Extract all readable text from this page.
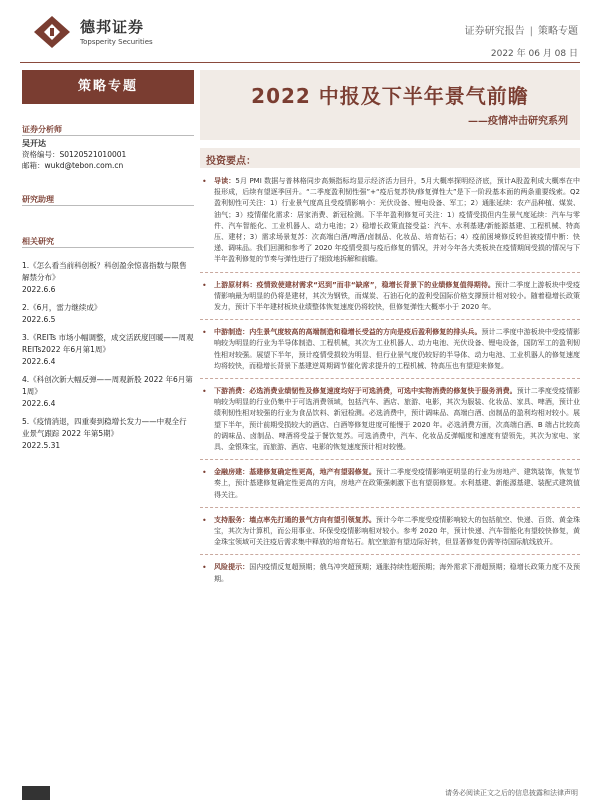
德邦证券
Topsperity Securities
证券研究报告 | 策略专题
2022 年 06 月 08 日
策略专题
证券分析师
吴开达
资格编号：S0120521010001
邮箱：wukd@tebon.com.cn
研究助理
相关研究
1.《怎么看当前科创板？科创盈余惊喜指数与限售解禁分布》
2022.6.6
2.《6月，雷力继续成》
2022.6.5
3.《REITs 市场小幅调整，成交活跃度回暖——周观REITs2022 年6月第1周》
2022.6.4
4.《科创次新大幅反弹——周观新股 2022 年6月第1周》
2022.6.4
5.《疫情消退，四重奏到稳增长发力——中观全行业景气跟踪 2022 年第5期》
2022.5.31
2022 中报及下半年景气前瞻
——疫情冲击研究系列
投资要点：
• 导读：5月 PMI 数据与普林格同步高频指标均显示经济活力回升，5月大概率探明经济底，预计A股盈利成大概率在中报形成，后续有望逐季回升。“二季度盈利韧性强”+“疫后复苏快/修复弹性大”是下一阶段基本面的两条重要线索。Q2盈利韧性可关注：1）行业景气度高且受疫情影响小：光伏设备、锂电设备、军工；2）通胀延续：农产品种植、煤炭、油气；3）疫情催化需求：居家消费、新冠检测。下半年盈利修复可关注：1）疫情受损但内生景气度延续：汽车与零件、汽车智能化、工业机器人、动力电池；2）稳增长政策直接受益：汽车、水利基建/新能源基建、工程机械、特高压、建材；3）需求场景复苏：次高端白酒/啤酒/卤制品、化妆品、培育钻石；4）疫前困境修反转但被疫情中断：快递、调味品。我们回溯和参考了 2020 年疫情受损与疫后修复的情况，并对今年各大类板块在疫情期间受损的情况与下半年盈利修复的节奏与弹性进行了细致地拆解和前瞻。
• 上游原材料：疫情致使建材需求“迟到”而非“缺席”，稳增长背景下的业绩修复值得期待。预计二季度上游板块中受疫情影响最为明显的仍将是建材，其次为钢铁，而煤炭、石油石化的盈利受国际价格支撑预计相对较小。随着稳增长政策发力，预计下半年建材板块业绩整体恢复速度仍将较快，但修复弹性大概率小于 2020 年。
• 中游制造：内生景气度较高的高端制造和稳增长受益的方向是疫后盈利修复的排头兵。预计二季度中游板块中受疫情影响较为明显的行业为半导体制造、工程机械，其次为工业机器人、动力电池、光伏设备、锂电设备，国防军工的盈利韧性相对较强。展望下半年，预计疫情受损较为明显、但行业景气度仍较好的半导体、动力电池、工业机器人的修复速度均将较快，而稳增长背景下基建逆周期调节催化需求提升的工程机械、特高压也有望迎来修复。
• 下游消费：必选消费业绩韧性及修复速度均好于可选消费，可选中实物消费的修复快于服务消费。预计二季度受疫情影响较为明显的行业仍集中于可选消费领域，包括汽车、酒店、旅游、电影，其次为服装、化妆品、家具、啤酒，预计业绩利韧性相对较强的行业为食品饮料、新冠检测。必选消费中，预计调味品、高端白酒、卤制品的盈利均相对较小。展望下半年，预计前期受损较大的酒店、白酒等修复进度可能慢于 2020 年。必选消费方面，次高端白酒、B 端占比较高的调味品、卤制品、啤酒将受益于餐饮复苏。可选消费中，汽车、化妆品反弹幅度和速度有望领先，其次为家电、家具、金银珠宝，而旅游、酒店、电影的恢复速度预计相对较慢。
• 金融房建：基建修复确定性更高，地产有望弱修复。预计二季度受疫情影响更明显的行业为房地产、建筑装饰，恢复节奏上，预计基建修复确定性更高的方向，房地产在政策强刺激下也有望弱修复。水利基建、新能源基建、装配式建筑值得关注。
• 支持服务：墙点率先打通的景气方向有望引领复苏。预计今年二季度受疫情影响较大的包括航空、快递、百货、黄金珠宝，其次为计算机，而公用事业、环保受疫情影响相对较小。参考 2020 年，预计快递、汽车智能化有望较快修复，黄金珠宝领域可关注疫后需求集中释放的培育钻石。航空旅游有望边际好转，但显著修复仍需等待国际航线放开。
• 风险提示：国内疫情反复超预期；俄乌冲突超预期；通胀持续性超预期；海外需求下滑超预期；稳增长政策力度不及预期。
请务必阅读正文之后的信息披露和法律声明
